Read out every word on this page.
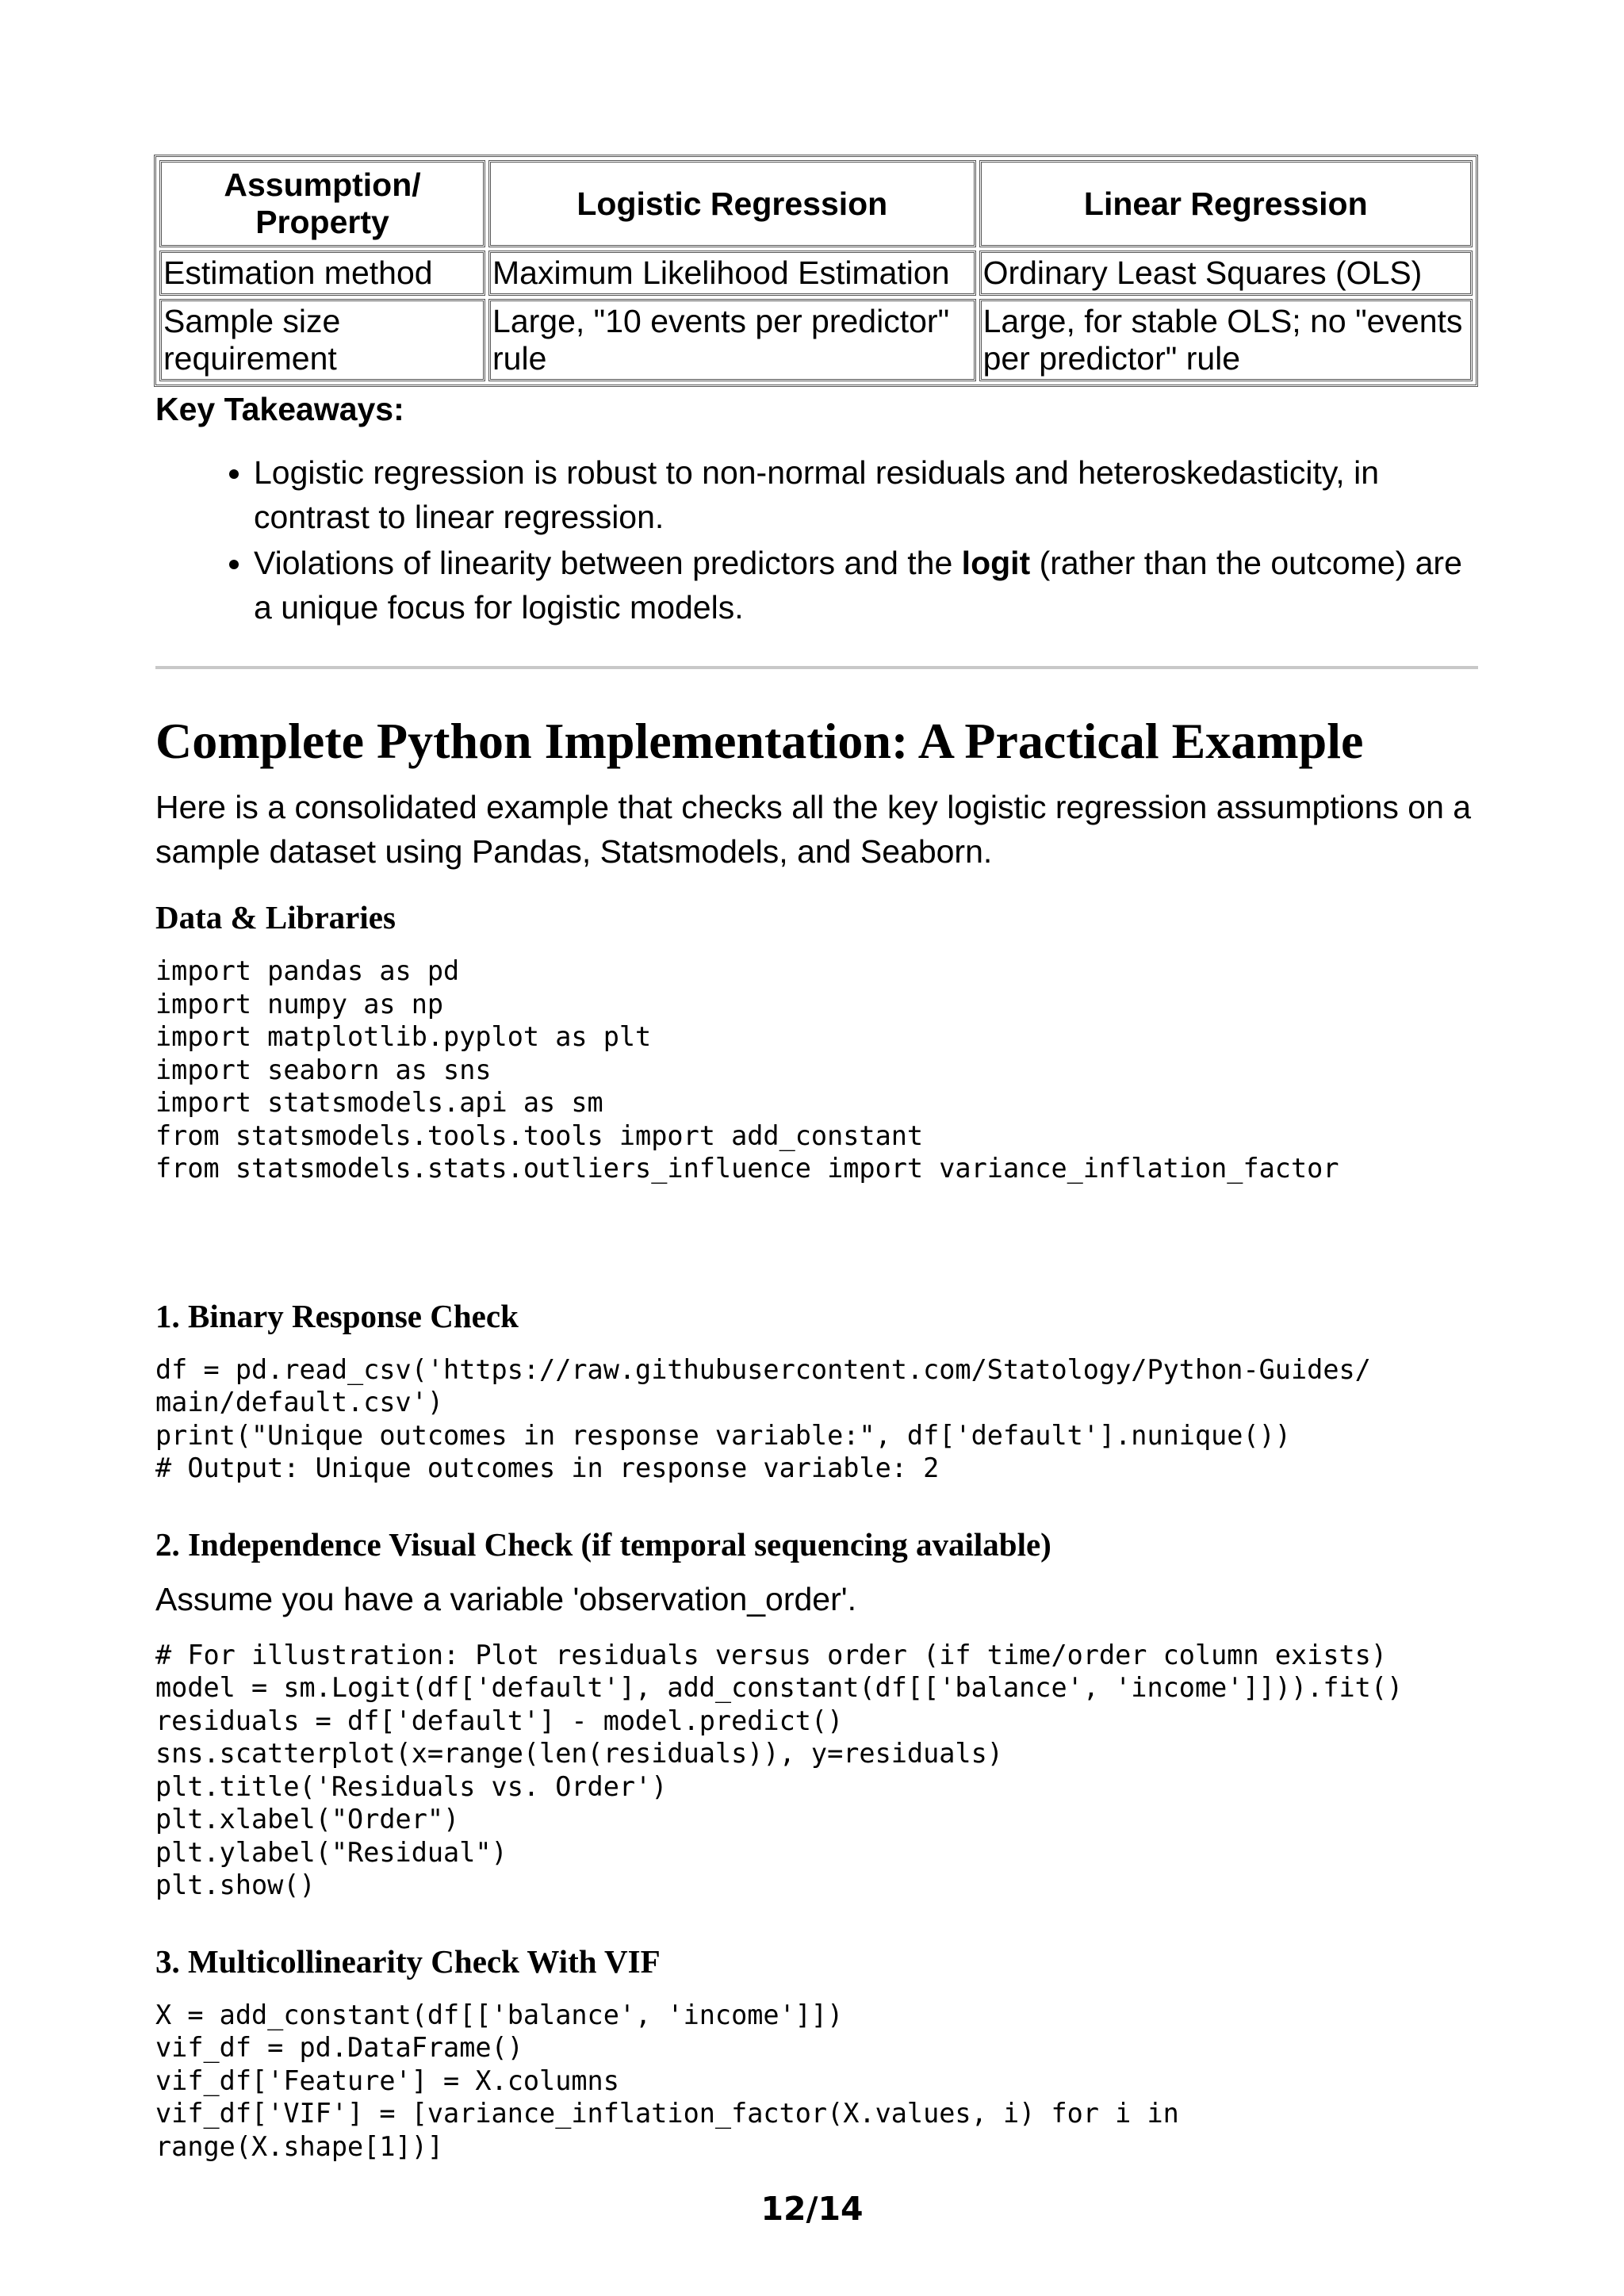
Assumption/ Property	Logistic Regression	Linear Regression
Estimation method	Maximum Likelihood Estimation	Ordinary Least Squares (OLS)
Sample size requirement	Large, "10 events per predictor" rule	Large, for stable OLS; no "events per predictor" rule
Key Takeaways:
• Logistic regression is robust to non-normal residuals and heteroskedasticity, in contrast to linear regression.
• Violations of linearity between predictors and the logit (rather than the outcome) are a unique focus for logistic models.
Complete Python Implementation: A Practical Example

Here is a consolidated example that checks all the key logistic regression assumptions on a sample dataset using Pandas, Statsmodels, and Seaborn.

Data & Libraries
import pandas as pd
import numpy as np
import matplotlib.pyplot as plt
import seaborn as sns
import statsmodels.api as sm
from statsmodels.tools.tools import add_constant
from statsmodels.stats.outliers_influence import variance_inflation_factor
1. Binary Response Check
df = pd.read_csv('https://raw.githubusercontent.com/Statology/Python-Guides/
main/default.csv')
print("Unique outcomes in response variable:", df['default'].nunique())
# Output: Unique outcomes in response variable: 2
2. Independence Visual Check (if temporal sequencing available)

Assume you have a variable 'observation_order'.

# For illustration: Plot residuals versus order (if time/order column exists)
model = sm.Logit(df['default'], add_constant(df[['balance', 'income']])).fit()
residuals = df['default'] - model.predict()
sns.scatterplot(x=range(len(residuals)), y=residuals)
plt.title('Residuals vs. Order')
plt.xlabel("Order")
plt.ylabel("Residual")
plt.show()
3. Multicollinearity Check With VIF
X = add_constant(df[['balance', 'income']])
vif_df = pd.DataFrame()
vif_df['Feature'] = X.columns
vif_df['VIF'] = [variance_inflation_factor(X.values, i) for i in
range(X.shape[1])]
12/14
